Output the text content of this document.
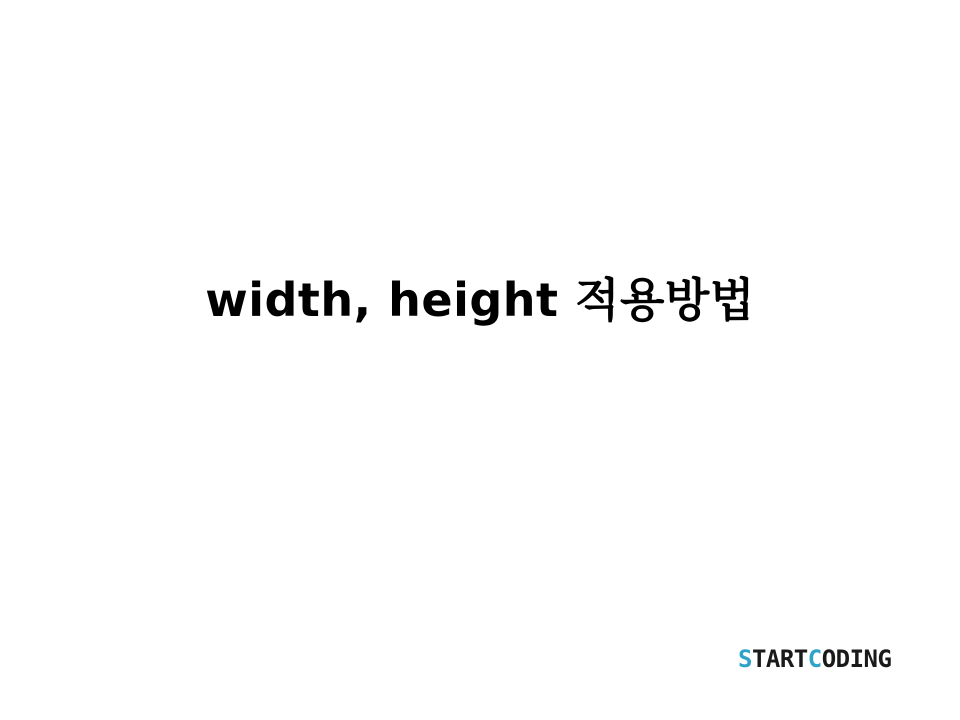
width, height 적용방법
STARTCODING
